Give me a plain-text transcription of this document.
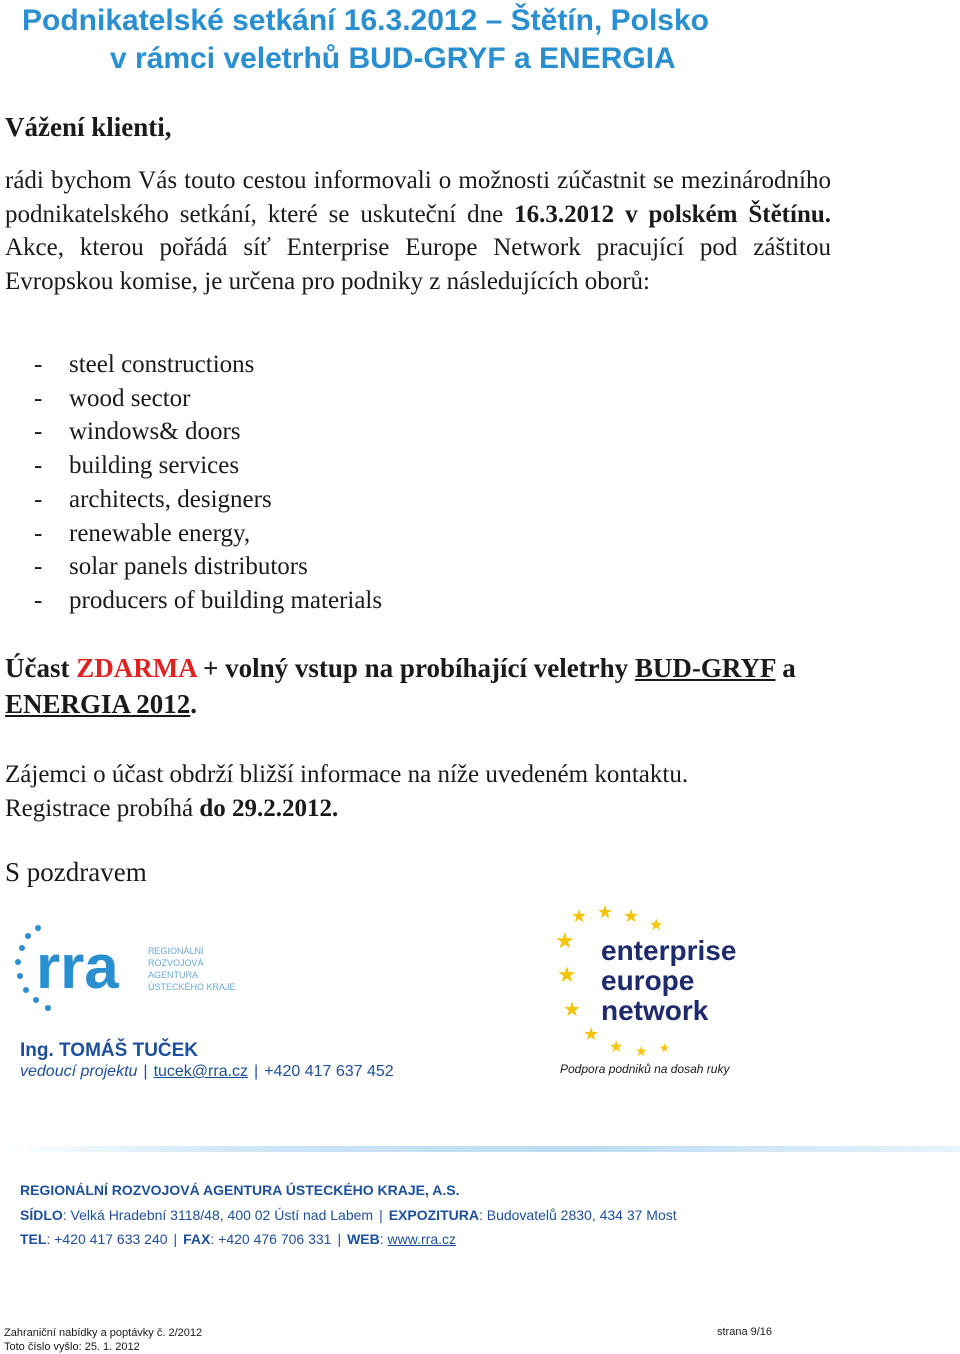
Podnikatelské setkání 16.3.2012 – Štětín, Polsko
v rámci veletrhů BUD-GRYF a ENERGIA
Vážení klienti,
rádi bychom Vás touto cestou informovali o možnosti zúčastnit se mezinárodního podnikatelského setkání, které se uskuteční dne 16.3.2012 v polském Štětínu. Akce, kterou pořádá síť Enterprise Europe Network pracující pod záštitou Evropskou komise, je určena pro podniky z následujících oborů:
-	steel constructions
-	wood sector
-	windows& doors
-	building services
-	architects, designers
-	renewable energy,
-	solar panels distributors
-	producers of building materials
Účast ZDARMA + volný vstup na probíhající veletrhy BUD-GRYF a ENERGIA 2012.
Zájemci o účast obdrží bližší informace na níže uvedeném kontaktu.
Registrace probíhá do 29.2.2012.
S pozdravem
rra	REGIONÁLNÍ
ROZVOJOVÁ
AGENTURA
ÚSTECKÉHO KRAJE
Ing. TOMÁŠ TUČEK
vedoucí projektu | tucek@rra.cz | +420 417 637 452
★ ★ ★ ★
★
★
★
★
★ ★ ★
enterprise
europe
network
Podpora podniků na dosah ruky
REGIONÁLNÍ ROZVOJOVÁ AGENTURA ÚSTECKÉHO KRAJE, A.S.
SÍDLO: Velká Hradební 3118/48, 400 02 Ústí nad Labem | EXPOZITURA: Budovatelů 2830, 434 37 Most
TEL: +420 417 633 240 | FAX: +420 476 706 331 | WEB: www.rra.cz
Zahraniční nabídky a poptávky č. 2/2012
Toto číslo vyšlo: 25. 1. 2012
strana 9/16
